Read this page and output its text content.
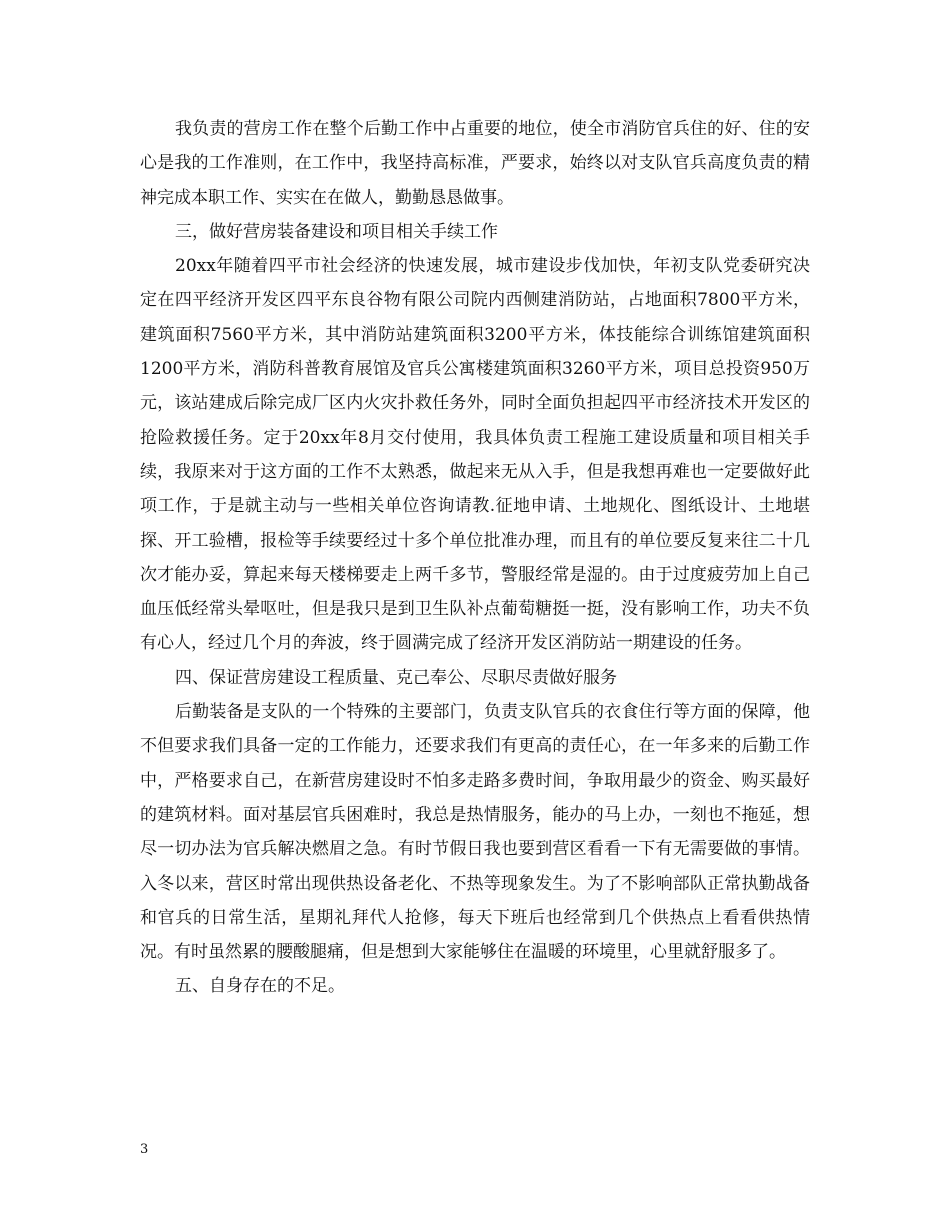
我负责的营房工作在整个后勤工作中占重要的地位，使全市消防官兵住的好、住的安心是我的工作准则，在工作中，我坚持高标准，严要求，始终以对支队官兵高度负责的精神完成本职工作、实实在在做人，勤勤恳恳做事。

三，做好营房装备建设和项目相关手续工作

20xx年随着四平市社会经济的快速发展，城市建设步伐加快，年初支队党委研究决定在四平经济开发区四平东良谷物有限公司院内西侧建消防站，占地面积7800平方米，建筑面积7560平方米，其中消防站建筑面积3200平方米，体技能综合训练馆建筑面积1200平方米，消防科普教育展馆及官兵公寓楼建筑面积3260平方米，项目总投资950万元，该站建成后除完成厂区内火灾扑救任务外，同时全面负担起四平市经济技术开发区的抢险救援任务。定于20xx年8月交付使用，我具体负责工程施工建设质量和项目相关手续，我原来对于这方面的工作不太熟悉，做起来无从入手，但是我想再难也一定要做好此项工作，于是就主动与一些相关单位咨询请教.征地申请、土地规化、图纸设计、土地堪探、开工验槽，报检等手续要经过十多个单位批准办理，而且有的单位要反复来往二十几次才能办妥，算起来每天楼梯要走上两千多节，警服经常是湿的。由于过度疲劳加上自己血压低经常头晕呕吐，但是我只是到卫生队补点葡萄糖挺一挺，没有影响工作，功夫不负有心人，经过几个月的奔波，终于圆满完成了经济开发区消防站一期建设的任务。

四、保证营房建设工程质量、克己奉公、尽职尽责做好服务

后勤装备是支队的一个特殊的主要部门，负责支队官兵的衣食住行等方面的保障，他不但要求我们具备一定的工作能力，还要求我们有更高的责任心，在一年多来的后勤工作中，严格要求自己，在新营房建设时不怕多走路多费时间，争取用最少的资金、购买最好的建筑材料。面对基层官兵困难时，我总是热情服务，能办的马上办，一刻也不拖延，想尽一切办法为官兵解决燃眉之急。有时节假日我也要到营区看看一下有无需要做的事情。入冬以来，营区时常出现供热设备老化、不热等现象发生。为了不影响部队正常执勤战备和官兵的日常生活，星期礼拜代人抢修，每天下班后也经常到几个供热点上看看供热情况。有时虽然累的腰酸腿痛，但是想到大家能够住在温暖的环境里，心里就舒服多了。

五、自身存在的不足。

3
